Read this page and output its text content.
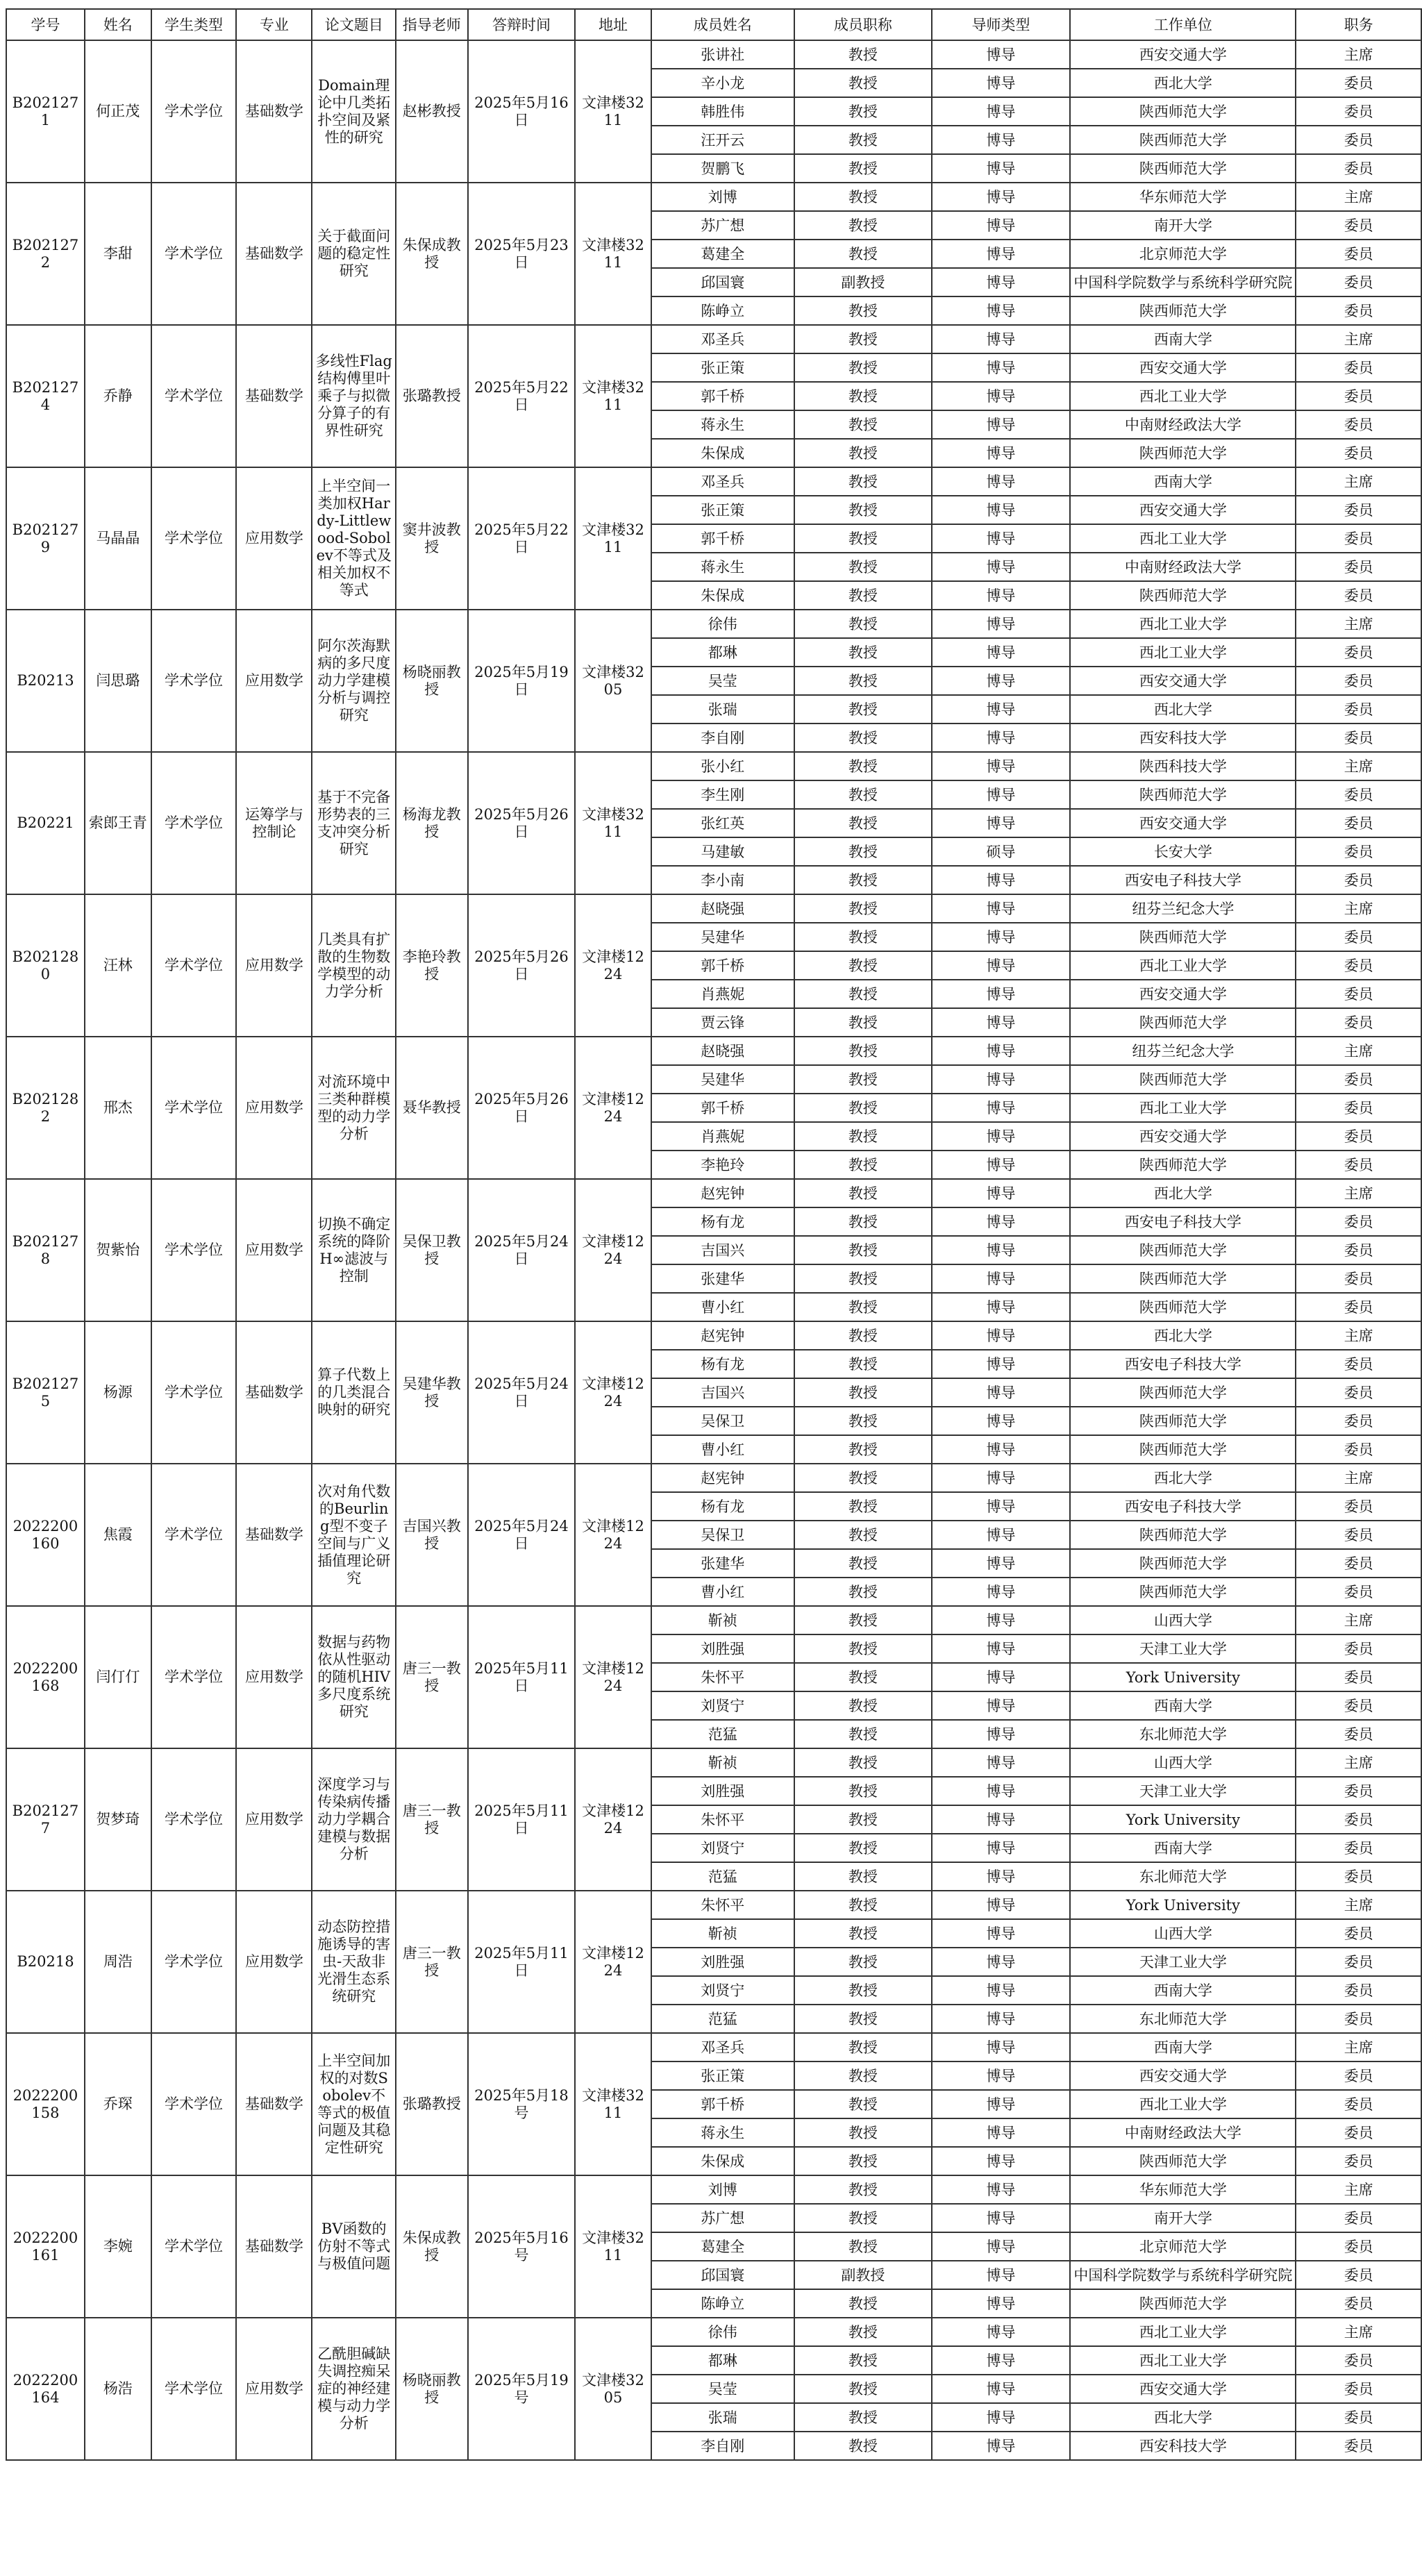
学号	姓名	学生类型	专业	论文题目	指导老师	答辩时间	地址	成员姓名	成员职称	导师类型	工作单位	职务
B2021271	何正茂	学术学位	基础数学	Domain理论中几类拓扑空间及紧性的研究	赵彬教授	2025年5月16日	文津楼3211	张讲社	教授	博导	西安交通大学	主席
								辛小龙	教授	博导	西北大学	委员
								韩胜伟	教授	博导	陕西师范大学	委员
								汪开云	教授	博导	陕西师范大学	委员
								贺鹏飞	教授	博导	陕西师范大学	委员
B2021272	李甜	学术学位	基础数学	关于截面问题的稳定性研究	朱保成教授	2025年5月23日	文津楼3211	刘博	教授	博导	华东师范大学	主席
								苏广想	教授	博导	南开大学	委员
								葛建全	教授	博导	北京师范大学	委员
								邱国寰	副教授	博导	中国科学院数学与系统科学研究院	委员
								陈峥立	教授	博导	陕西师范大学	委员
B2021274	乔静	学术学位	基础数学	多线性Flag 结构傅里叶乘子与拟微分算子的有界性研究	张璐教授	2025年5月22日	文津楼3211	邓圣兵	教授	博导	西南大学	主席
								张正策	教授	博导	西安交通大学	委员
								郭千桥	教授	博导	西北工业大学	委员
								蒋永生	教授	博导	中南财经政法大学	委员
								朱保成	教授	博导	陕西师范大学	委员
B2021279	马晶晶	学术学位	应用数学	上半空间一类加权Hardy-Littlewood-Sobolev不等式及相关加权不等式	窦井波教授	2025年5月22日	文津楼3211	邓圣兵	教授	博导	西南大学	主席
								张正策	教授	博导	西安交通大学	委员
								郭千桥	教授	博导	西北工业大学	委员
								蒋永生	教授	博导	中南财经政法大学	委员
								朱保成	教授	博导	陕西师范大学	委员
B20213	闫思璐	学术学位	应用数学	阿尔茨海默病的多尺度动力学建模分析与调控研究	杨晓丽教授	2025年5月19日	文津楼3205	徐伟	教授	博导	西北工业大学	主席
								都琳	教授	博导	西北工业大学	委员
								吴莹	教授	博导	西安交通大学	委员
								张瑞	教授	博导	西北大学	委员
								李自刚	教授	博导	西安科技大学	委员
B20221	索郎王青	学术学位	运筹学与控制论	基于不完备形势表的三支冲突分析研究	杨海龙教授	2025年5月26日	文津楼3211	张小红	教授	博导	陕西科技大学	主席
								李生刚	教授	博导	陕西师范大学	委员
								张红英	教授	博导	西安交通大学	委员
								马建敏	教授	硕导	长安大学	委员
								李小南	教授	博导	西安电子科技大学	委员
B2021280	汪林	学术学位	应用数学	几类具有扩散的生物数学模型的动力学分析	李艳玲教授	2025年5月26日	文津楼1224	赵晓强	教授	博导	纽芬兰纪念大学	主席
								吴建华	教授	博导	陕西师范大学	委员
								郭千桥	教授	博导	西北工业大学	委员
								肖燕妮	教授	博导	西安交通大学	委员
								贾云锋	教授	博导	陕西师范大学	委员
B2021282	邢杰	学术学位	应用数学	对流环境中三类种群模型的动力学分析	聂华教授	2025年5月26日	文津楼1224	赵晓强	教授	博导	纽芬兰纪念大学	主席
								吴建华	教授	博导	陕西师范大学	委员
								郭千桥	教授	博导	西北工业大学	委员
								肖燕妮	教授	博导	西安交通大学	委员
								李艳玲	教授	博导	陕西师范大学	委员
B2021278	贺紫怡	学术学位	应用数学	切换不确定系统的降阶H∞滤波与控制	吴保卫教授	2025年5月24日	文津楼1224	赵宪钟	教授	博导	西北大学	主席
								杨有龙	教授	博导	西安电子科技大学	委员
								吉国兴	教授	博导	陕西师范大学	委员
								张建华	教授	博导	陕西师范大学	委员
								曹小红	教授	博导	陕西师范大学	委员
B2021275	杨源	学术学位	基础数学	算子代数上的几类混合映射的研究	吴建华教授	2025年5月24日	文津楼1224	赵宪钟	教授	博导	西北大学	主席
								杨有龙	教授	博导	西安电子科技大学	委员
								吉国兴	教授	博导	陕西师范大学	委员
								吴保卫	教授	博导	陕西师范大学	委员
								曹小红	教授	博导	陕西师范大学	委员
2022200160	焦霞	学术学位	基础数学	次对角代数的Beurling型不变子空间与广义插值理论研究	吉国兴教授	2025年5月24日	文津楼1224	赵宪钟	教授	博导	西北大学	主席
								杨有龙	教授	博导	西安电子科技大学	委员
								吴保卫	教授	博导	陕西师范大学	委员
								张建华	教授	博导	陕西师范大学	委员
								曹小红	教授	博导	陕西师范大学	委员
2022200168	闫仃仃	学术学位	应用数学	数据与药物依从性驱动的随机HIV多尺度系统研究	唐三一教授	2025年5月11日	文津楼1224	靳祯	教授	博导	山西大学	主席
								刘胜强	教授	博导	天津工业大学	委员
								朱怀平	教授	博导	York University	委员
								刘贤宁	教授	博导	西南大学	委员
								范猛	教授	博导	东北师范大学	委员
B2021277	贺梦琦	学术学位	应用数学	深度学习与传染病传播动力学耦合建模与数据分析	唐三一教授	2025年5月11日	文津楼1224	靳祯	教授	博导	山西大学	主席
								刘胜强	教授	博导	天津工业大学	委员
								朱怀平	教授	博导	York University	委员
								刘贤宁	教授	博导	西南大学	委员
								范猛	教授	博导	东北师范大学	委员
B20218	周浩	学术学位	应用数学	动态防控措施诱导的害虫-天敌非光滑生态系统研究	唐三一教授	2025年5月11日	文津楼1224	朱怀平	教授	博导	York University	主席
								靳祯	教授	博导	山西大学	委员
								刘胜强	教授	博导	天津工业大学	委员
								刘贤宁	教授	博导	西南大学	委员
								范猛	教授	博导	东北师范大学	委员
2022200158	乔琛	学术学位	基础数学	上半空间加权的对数Sobolev不等式的极值问题及其稳定性研究	张璐教授	2025年5月18号	文津楼3211	邓圣兵	教授	博导	西南大学	主席
								张正策	教授	博导	西安交通大学	委员
								郭千桥	教授	博导	西北工业大学	委员
								蒋永生	教授	博导	中南财经政法大学	委员
								朱保成	教授	博导	陕西师范大学	委员
2022200161	李婉	学术学位	基础数学	BV函数的仿射不等式与极值问题	朱保成教授	2025年5月16号	文津楼3211	刘博	教授	博导	华东师范大学	主席
								苏广想	教授	博导	南开大学	委员
								葛建全	教授	博导	北京师范大学	委员
								邱国寰	副教授	博导	中国科学院数学与系统科学研究院	委员
								陈峥立	教授	博导	陕西师范大学	委员
2022200164	杨浩	学术学位	应用数学	乙酰胆碱缺失调控痴呆症的神经建模与动力学分析	杨晓丽教授	2025年5月19号	文津楼3205	徐伟	教授	博导	西北工业大学	主席
								都琳	教授	博导	西北工业大学	委员
								吴莹	教授	博导	西安交通大学	委员
								张瑞	教授	博导	西北大学	委员
								李自刚	教授	博导	西安科技大学	委员
